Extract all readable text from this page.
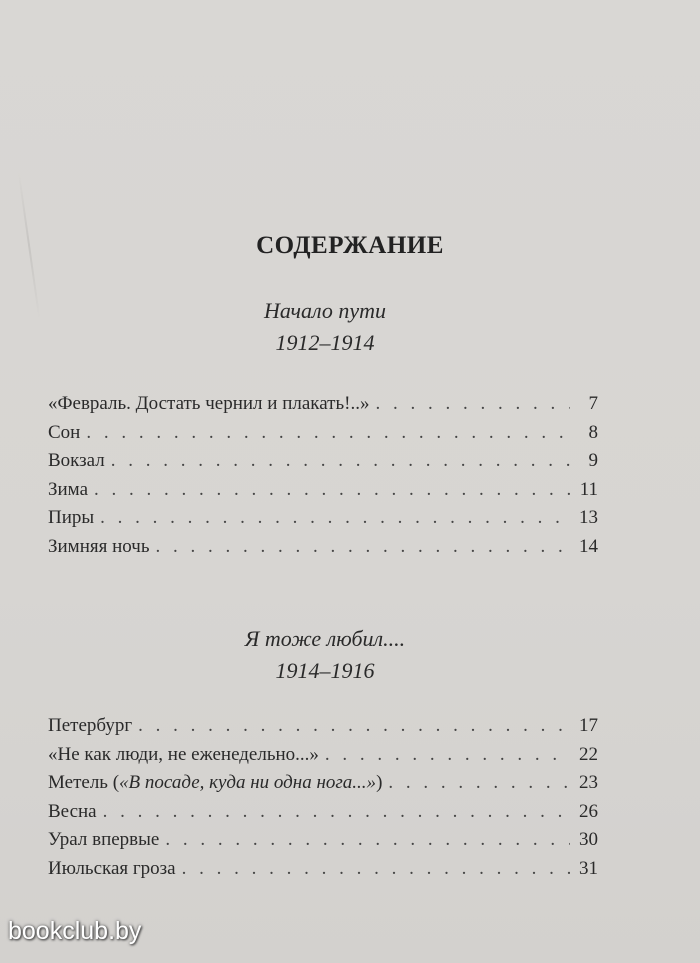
СОДЕРЖАНИЕ
Начало пути
1912–1914
«Февраль. Достать чернил и плакать!..» . . .	7
Сон . . .	8
Вокзал . . .	9
Зима . . .	11
Пиры . . .	13
Зимняя ночь . . .	14
Я тоже любил....
1914–1916
Петербург . . .	17
«Не как люди, не еженедельно...» . . .	22
Метель («В посаде, куда ни одна нога...») . . .	23
Весна . . .	26
Урал впервые . . .	30
Июльская гроза . . .	31
bookclub.by
